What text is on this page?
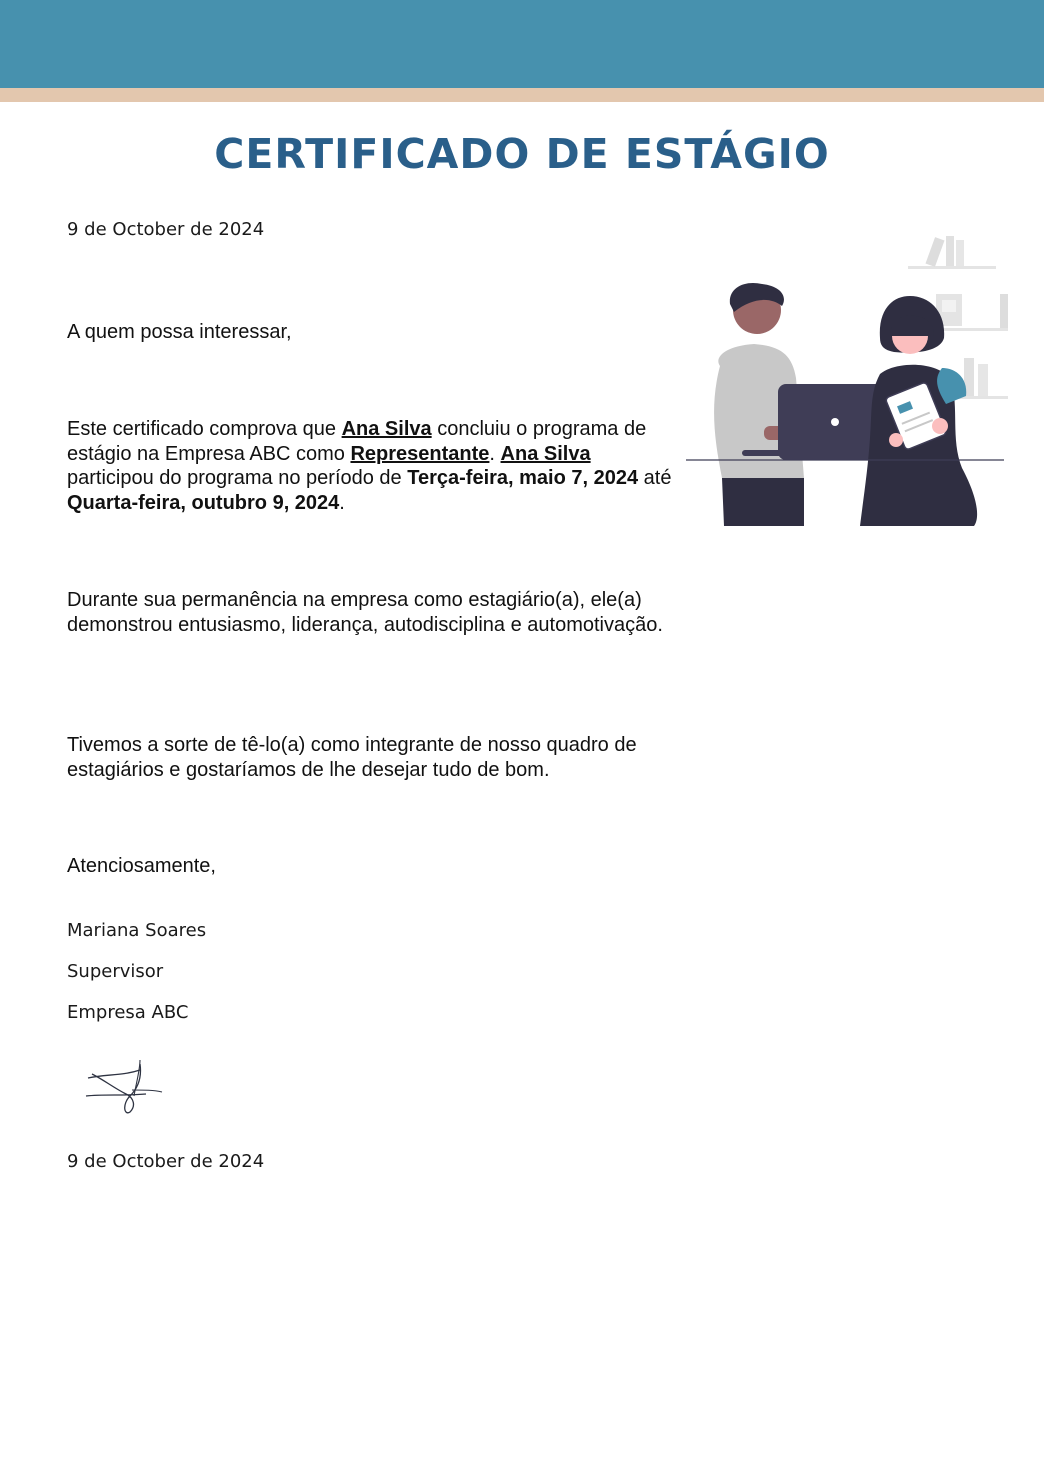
CERTIFICADO DE ESTÁGIO
9 de October de 2024
A quem possa interessar,
Este certificado comprova que Ana Silva concluiu o programa de estágio na Empresa ABC como Representante. Ana Silva participou do programa no período de Terça-feira, maio 7, 2024 até Quarta-feira, outubro 9, 2024.
Durante sua permanência na empresa como estagiário(a), ele(a) demonstrou entusiasmo, liderança, autodisciplina e automotivação.
Tivemos a sorte de tê-lo(a) como integrante de nosso quadro de estagiários e gostaríamos de lhe desejar tudo de bom.
Atenciosamente,
Mariana Soares
Supervisor
Empresa ABC
9 de October de 2024
